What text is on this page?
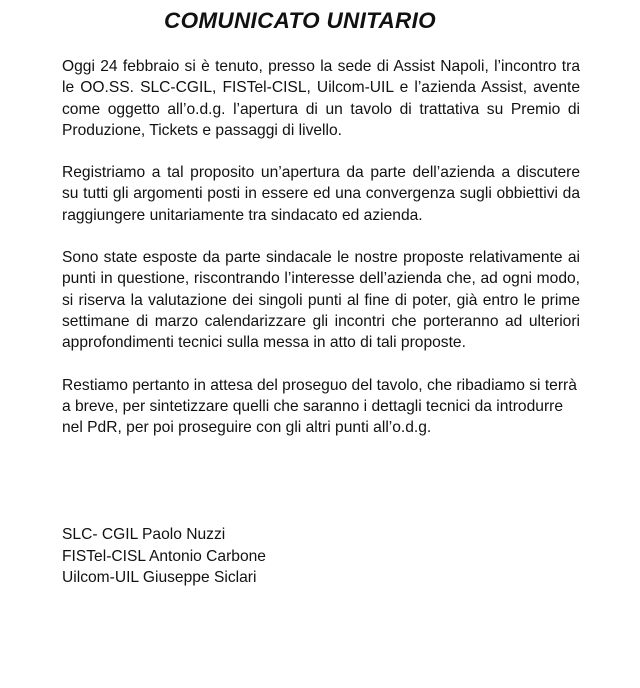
COMUNICATO UNITARIO

Oggi 24 febbraio si è tenuto, presso la sede di Assist Napoli, l’incontro tra le OO.SS. SLC-CGIL, FISTel-CISL, Uilcom-UIL e l’azienda Assist, avente come oggetto all’o.d.g. l’apertura di un tavolo di trattativa su Premio di Produzione, Tickets e passaggi di livello.

Registriamo a tal proposito un’apertura da parte dell’azienda a discutere su tutti gli argomenti posti in essere ed una convergenza sugli obbiettivi da raggiungere unitariamente tra sindacato ed azienda.

Sono state esposte da parte sindacale le nostre proposte relativamente ai punti in questione, riscontrando l’interesse dell’azienda che, ad ogni modo, si riserva la valutazione dei singoli punti al fine di poter, già entro le prime settimane di marzo calendarizzare gli incontri che porteranno ad ulteriori approfondimenti tecnici sulla messa in atto di tali proposte.

Restiamo pertanto in attesa del proseguo del tavolo, che ribadiamo si terrà a breve, per sintetizzare quelli che saranno i dettagli tecnici da introdurre nel PdR, per poi proseguire con gli altri punti all’o.d.g.

SLC- CGIL Paolo Nuzzi

FISTel-CISL Antonio Carbone

Uilcom-UIL Giuseppe Siclari
